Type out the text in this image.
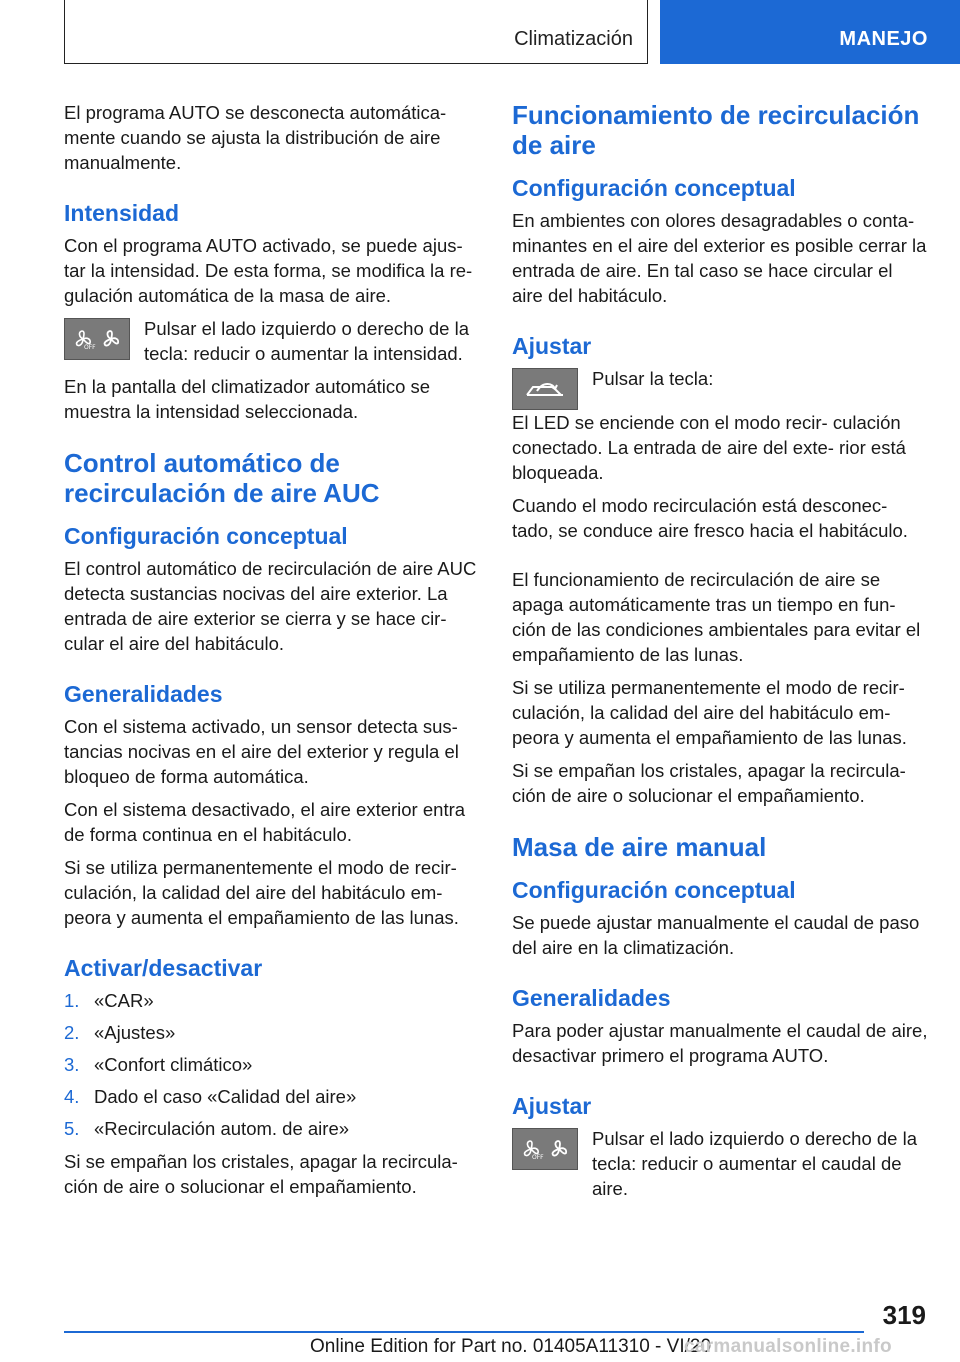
Climatización	MANEJO

El programa AUTO se desconecta automática- mente cuando se ajusta la distribución de aire manualmente.

Intensidad

Con el programa AUTO activado, se puede ajus- tar la intensidad. De esta forma, se modifica la re- gulación automática de la masa de aire.

OFF

Pulsar el lado izquierdo o derecho de la tecla: reducir o aumentar la intensidad.

En la pantalla del climatizador automático se muestra la intensidad seleccionada.

Control automático de recirculación de aire AUC
Configuración conceptual

El control automático de recirculación de aire AUC detecta sustancias nocivas del aire exterior. La entrada de aire exterior se cierra y se hace cir- cular el aire del habitáculo.

Generalidades

Con el sistema activado, un sensor detecta sus- tancias nocivas en el aire del exterior y regula el bloqueo de forma automática.

Con el sistema desactivado, el aire exterior entra de forma continua en el habitáculo.

Si se utiliza permanentemente el modo de recir- culación, la calidad del aire del habitáculo em- peora y aumenta el empañamiento de las lunas.

Activar/desactivar
1. «CAR»
2. «Ajustes»
3. «Confort climático»
4. Dado el caso «Calidad del aire»
5. «Recirculación autom. de aire»

Si se empañan los cristales, apagar la recircula- ción de aire o solucionar el empañamiento.

Funcionamiento de recirculación de aire
Configuración conceptual

En ambientes con olores desagradables o conta- minantes en el aire del exterior es posible cerrar la entrada de aire. En tal caso se hace circular el aire del habitáculo.

Ajustar

Pulsar la tecla:

El LED se enciende con el modo recir- culación conectado. La entrada de aire del exte- rior está bloqueada.

Cuando el modo recirculación está desconec- tado, se conduce aire fresco hacia el habitáculo.

El funcionamiento de recirculación de aire se apaga automáticamente tras un tiempo en fun- ción de las condiciones ambientales para evitar el empañamiento de las lunas.

Si se utiliza permanentemente el modo de recir- culación, la calidad del aire del habitáculo em- peora y aumenta el empañamiento de las lunas.

Si se empañan los cristales, apagar la recircula- ción de aire o solucionar el empañamiento.

Masa de aire manual
Configuración conceptual

Se puede ajustar manualmente el caudal de paso del aire en la climatización.

Generalidades

Para poder ajustar manualmente el caudal de aire, desactivar primero el programa AUTO.

Ajustar
OFF

Pulsar el lado izquierdo o derecho de la tecla: reducir o aumentar el caudal de aire.

319
Online Edition for Part no. 01405A11310 - VI/20
carmanualsonline.info
